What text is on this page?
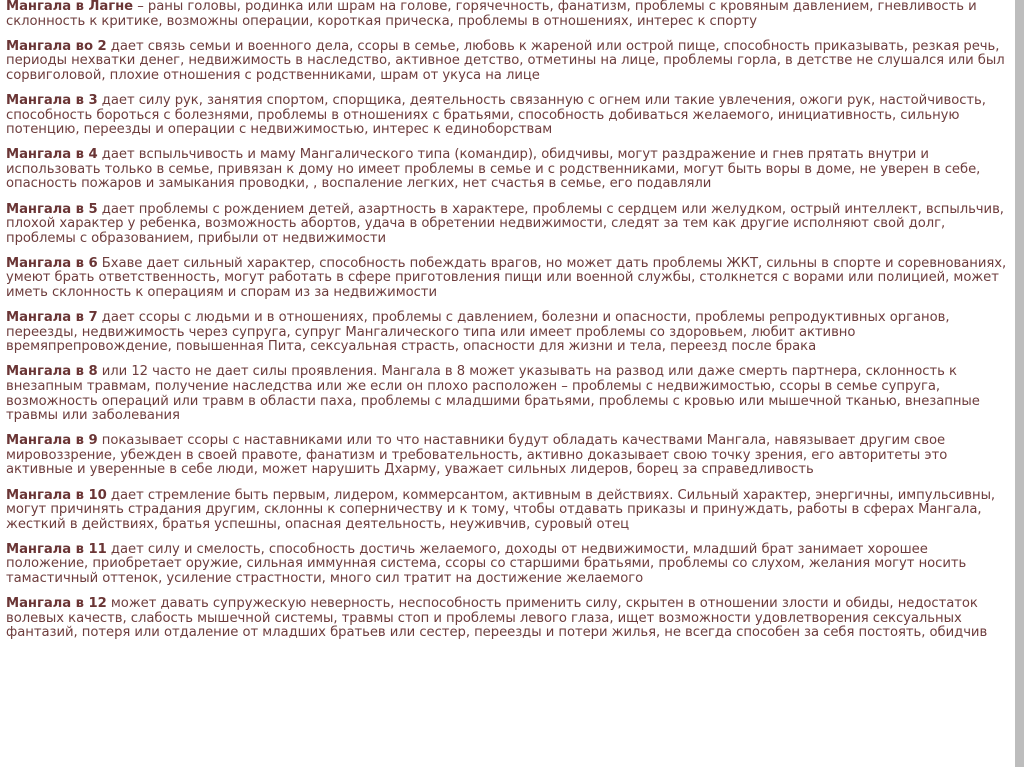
Мангала в Лагне – раны головы, родинка или шрам на голове, горячечность, фанатизм, проблемы с кровяным давлением, гневливость и склонность к критике, возможны операции, короткая прическа, проблемы в отношениях, интерес к спорту

Мангала во 2 дает связь семьи и военного дела, ссоры в семье, любовь к жареной или острой пище, способность приказывать, резкая речь, периоды нехватки денег, недвижимость в наследство, активное детство, отметины на лице, проблемы горла, в детстве не слушался или был сорвиголовой, плохие отношения с родственниками, шрам от укуса на лице

Мангала в 3 дает силу рук, занятия спортом, спорщика, деятельность связанную с огнем или такие увлечения, ожоги рук, настойчивость, способность бороться с болезнями, проблемы в отношениях с братьями, способность добиваться желаемого, инициативность, сильную потенцию, переезды и операции с недвижимостью, интерес к единоборствам

Мангала в 4 дает вспыльчивость и маму Мангалического типа (командир), обидчивы, могут раздражение и гнев прятать внутри и использовать только в семье, привязан к дому но имеет проблемы в семье и с родственниками, могут быть воры в доме, не уверен в себе, опасность пожаров и замыкания проводки, , воспаление легких, нет счастья в семье, его подавляли

Мангала в 5 дает проблемы с рождением детей, азартность в характере, проблемы с сердцем или желудком, острый интеллект, вспыльчив, плохой характер у ребенка, возможность абортов, удача в обретении недвижимости, следят за тем как другие исполняют свой долг, проблемы с образованием, прибыли от недвижимости

Мангала в 6 Бхаве дает сильный характер, способность побеждать врагов, но может дать проблемы ЖКТ, сильны в спорте и соревнованиях, умеют брать ответственность, могут работать в сфере приготовления пищи или военной службы, столкнется с ворами или полицией, может иметь склонность к операциям и спорам из за недвижимости

Мангала в 7 дает ссоры с людьми и в отношениях, проблемы с давлением, болезни и опасности, проблемы репродуктивных органов, переезды, недвижимость через супруга, супруг Мангалического типа или имеет проблемы со здоровьем, любит активно времяпрепровождение, повышенная Пита, сексуальная страсть, опасности для жизни и тела, переезд после брака

Мангала в 8 или 12 часто не дает силы проявления. Мангала в 8 может указывать на развод или даже смерть партнера, склонность к внезапным травмам, получение наследства или же если он плохо расположен – проблемы с недвижимостью, ссоры в семье супруга, возможность операций или травм в области паха, проблемы с младшими братьями, проблемы с кровью или мышечной тканью, внезапные травмы или заболевания

Мангала в 9 показывает ссоры с наставниками или то что наставники будут обладать качествами Мангала, навязывает другим свое мировоззрение, убежден в своей правоте, фанатизм и требовательность, активно доказывает свою точку зрения, его авторитеты это активные и уверенные в себе люди, может нарушить Дхарму, уважает сильных лидеров, борец за справедливость

Мангала в 10 дает стремление быть первым, лидером, коммерсантом, активным в действиях. Сильный характер, энергичны, импульсивны, могут причинять страдания другим, склонны к соперничеству и к тому, чтобы отдавать приказы и принуждать, работы в сферах Мангала, жесткий в действиях, братья успешны, опасная деятельность, неуживчив, суровый отец

Мангала в 11 дает силу и смелость, способность достичь желаемого, доходы от недвижимости, младший брат занимает хорошее положение, приобретает оружие, сильная иммунная система, ссоры со старшими братьями, проблемы со слухом, желания могут носить тамастичный оттенок, усиление страстности, много сил тратит на достижение желаемого

Мангала в 12 может давать супружескую неверность, неспособность применить силу, скрытен в отношении злости и обиды, недостаток волевых качеств, слабость мышечной системы, травмы стоп и проблемы левого глаза, ищет возможности удовлетворения сексуальных фантазий, потеря или отдаление от младших братьев или сестер, переезды и потери жилья, не всегда способен за себя постоять, обидчив
